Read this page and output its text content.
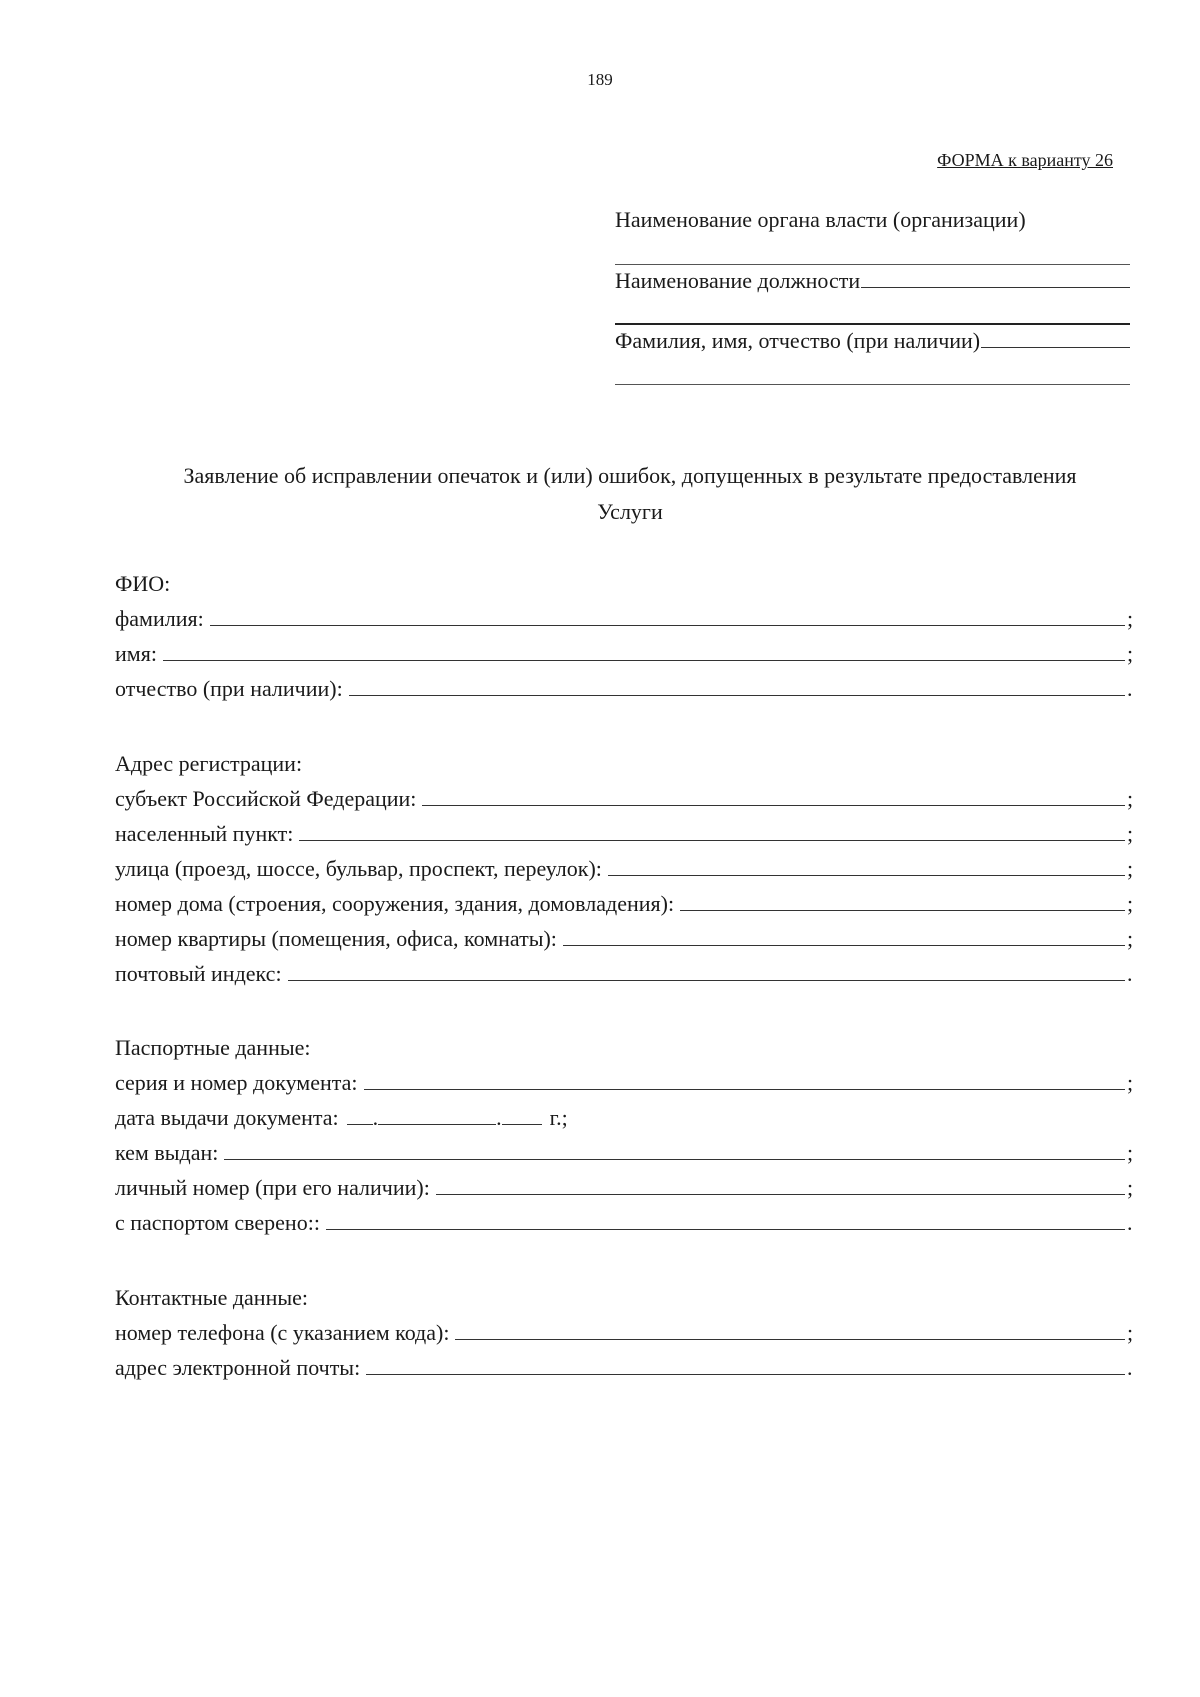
189
ФОРМА к варианту 26
Наименование органа власти (организации)
Наименование должности
Фамилия, имя, отчество (при наличии)
Заявление об исправлении опечаток и (или) ошибок, допущенных в результате предоставления
Услуги
ФИО:
фамилия:	;
имя:	;
отчество (при наличии):	.
Адрес регистрации:
субъект Российской Федерации:	;
населенный пункт:	;
улица (проезд, шоссе, бульвар, проспект, переулок):	;
номер дома (строения, сооружения, здания, домовладения):	;
номер квартиры (помещения, офиса, комнаты):	;
почтовый индекс:	.
Паспортные данные:
серия и номер документа:	;
дата выдачи документа: .	. г.;
кем выдан:	;
личный номер (при его наличии):	;
с паспортом сверено::	.
Контактные данные:
номер телефона (с указанием кода):	;
адрес электронной почты:	.
